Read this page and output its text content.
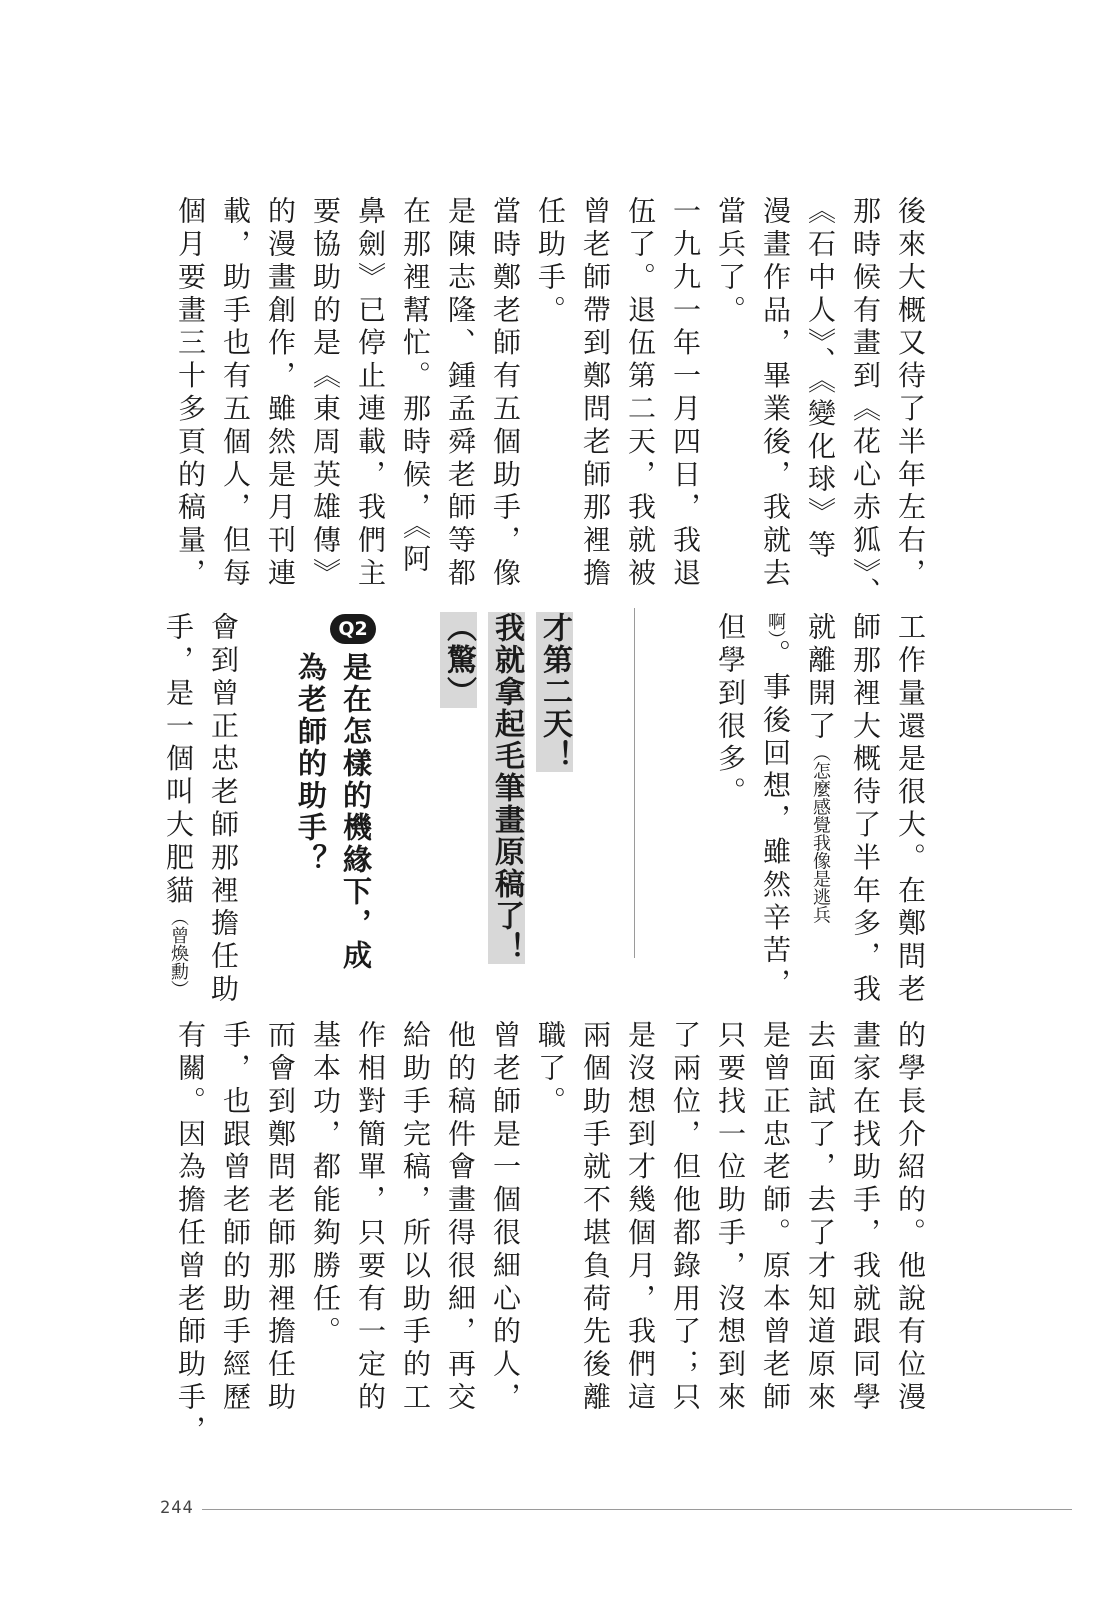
後來大概又待了半年左右，
那時候有畫到《花心赤狐》、
《石中人》、《變化球》等
漫畫作品，畢業後，我就去
當兵了。
一九九一年一月四日，我退
伍了。退伍第二天，我就被
曾老師帶到鄭問老師那裡擔
任助手。
當時鄭老師有五個助手，像
是陳志隆、鍾孟舜老師等都
在那裡幫忙。那時候，《阿
鼻劍》已停止連載，我們主
要協助的是《東周英雄傳》
的漫畫創作，雖然是月刊連
載，助手也有五個人，但每
個月要畫三十多頁的稿量，
工作量還是很大。在鄭問老
師那裡大概待了半年多，我
就離開了（怎麼感覺我像是逃兵
啊）。事後回想，雖然辛苦，
但學到很多。
才第二天！
我就拿起毛筆畫原稿了！
（驚）
Q2
是在怎樣的機緣下，成
為老師的助手？
會到曾正忠老師那裡擔任助
手，是一個叫大肥貓（曾煥勳）
的學長介紹的。他說有位漫
畫家在找助手，我就跟同學
去面試了，去了才知道原來
是曾正忠老師。原本曾老師
只要找一位助手，沒想到來
了兩位，但他都錄用了；只
是沒想到才幾個月，我們這
兩個助手就不堪負荷先後離
職了。
曾老師是一個很細心的人，
他的稿件會畫得很細，再交
給助手完稿，所以助手的工
作相對簡單，只要有一定的
基本功，都能夠勝任。
而會到鄭問老師那裡擔任助
手，也跟曾老師的助手經歷
有關。因為擔任曾老師助手，
244
